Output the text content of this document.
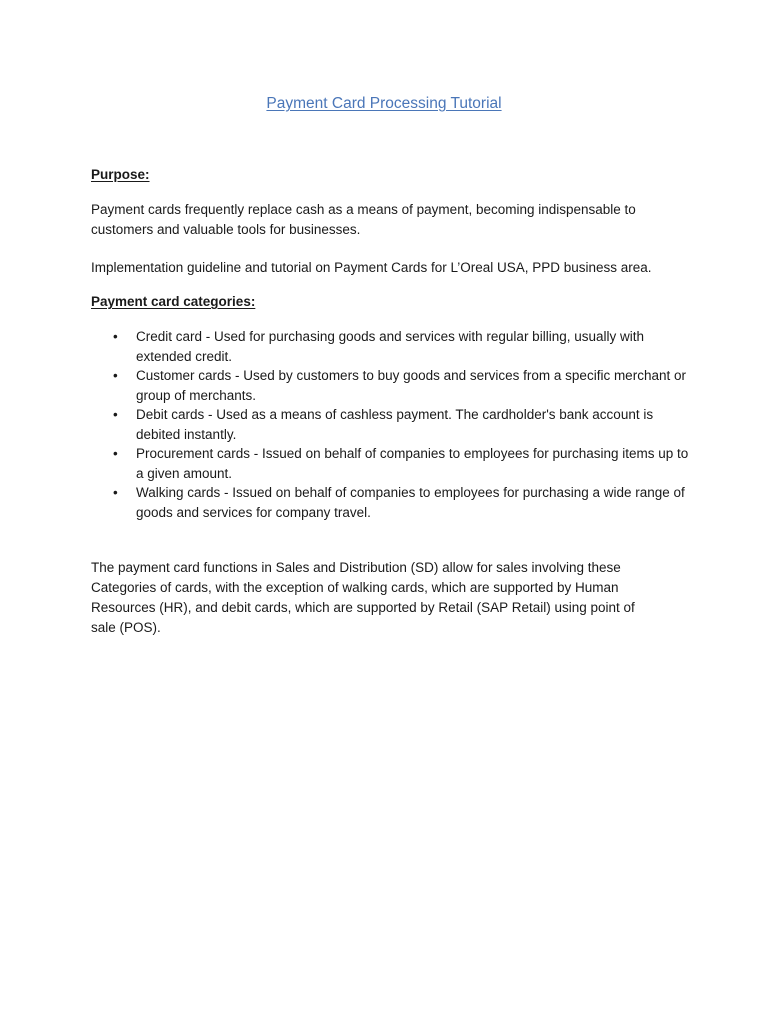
Payment Card Processing Tutorial

Purpose:

Payment cards frequently replace cash as a means of payment, becoming indispensable to customers and valuable tools for businesses.

Implementation guideline and tutorial on Payment Cards for L’Oreal USA, PPD business area.

Payment card categories:

• Credit card - Used for purchasing goods and services with regular billing, usually with extended credit.
• Customer cards - Used by customers to buy goods and services from a specific merchant or group of merchants.
• Debit cards - Used as a means of cashless payment. The cardholder's bank account is debited instantly.
• Procurement cards - Issued on behalf of companies to employees for purchasing items up to a given amount.
• Walking cards - Issued on behalf of companies to employees for purchasing a wide range of goods and services for company travel.

The payment card functions in Sales and Distribution (SD) allow for sales involving these Categories of cards, with the exception of walking cards, which are supported by Human Resources (HR), and debit cards, which are supported by Retail (SAP Retail) using point of sale (POS).
